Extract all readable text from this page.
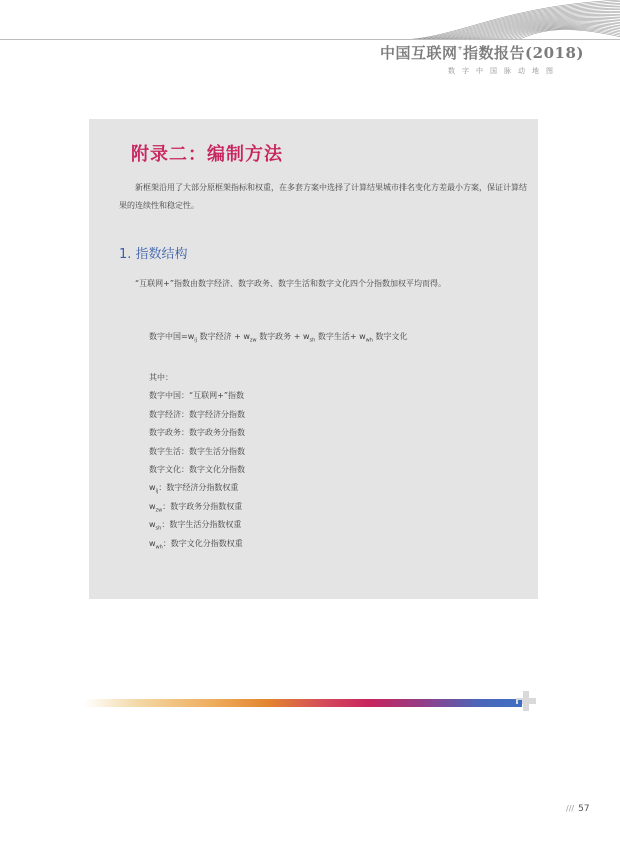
中国互联网+指数报告(2018)
数字中国脉动地图
附录二：编制方法
新框架沿用了大部分原框架指标和权重，在多套方案中选择了计算结果城市排名变化方差最小方案，保证计算结果的连续性和稳定性。
1. 指数结构
“互联网+”指数由数字经济、数字政务、数字生活和数字文化四个分指数加权平均而得。
数字中国$=w_{ij}$ 数字经济 + $w_{zw}$ 数字政务 + $w_{sh}$ 数字生活+ $w_{wh}$ 数字文化
其中：
数字中国：“互联网+”指数
数字经济：数字经济分指数
数字政务：数字政务分指数
数字生活：数字生活分指数
数字文化：数字文化分指数
$w_{ij}$：数字经济分指数权重
$w_{zw}$：数字政务分指数权重
$w_{sh}$：数字生活分指数权重
$w_{wh}$：数字文化分指数权重
/// 57
